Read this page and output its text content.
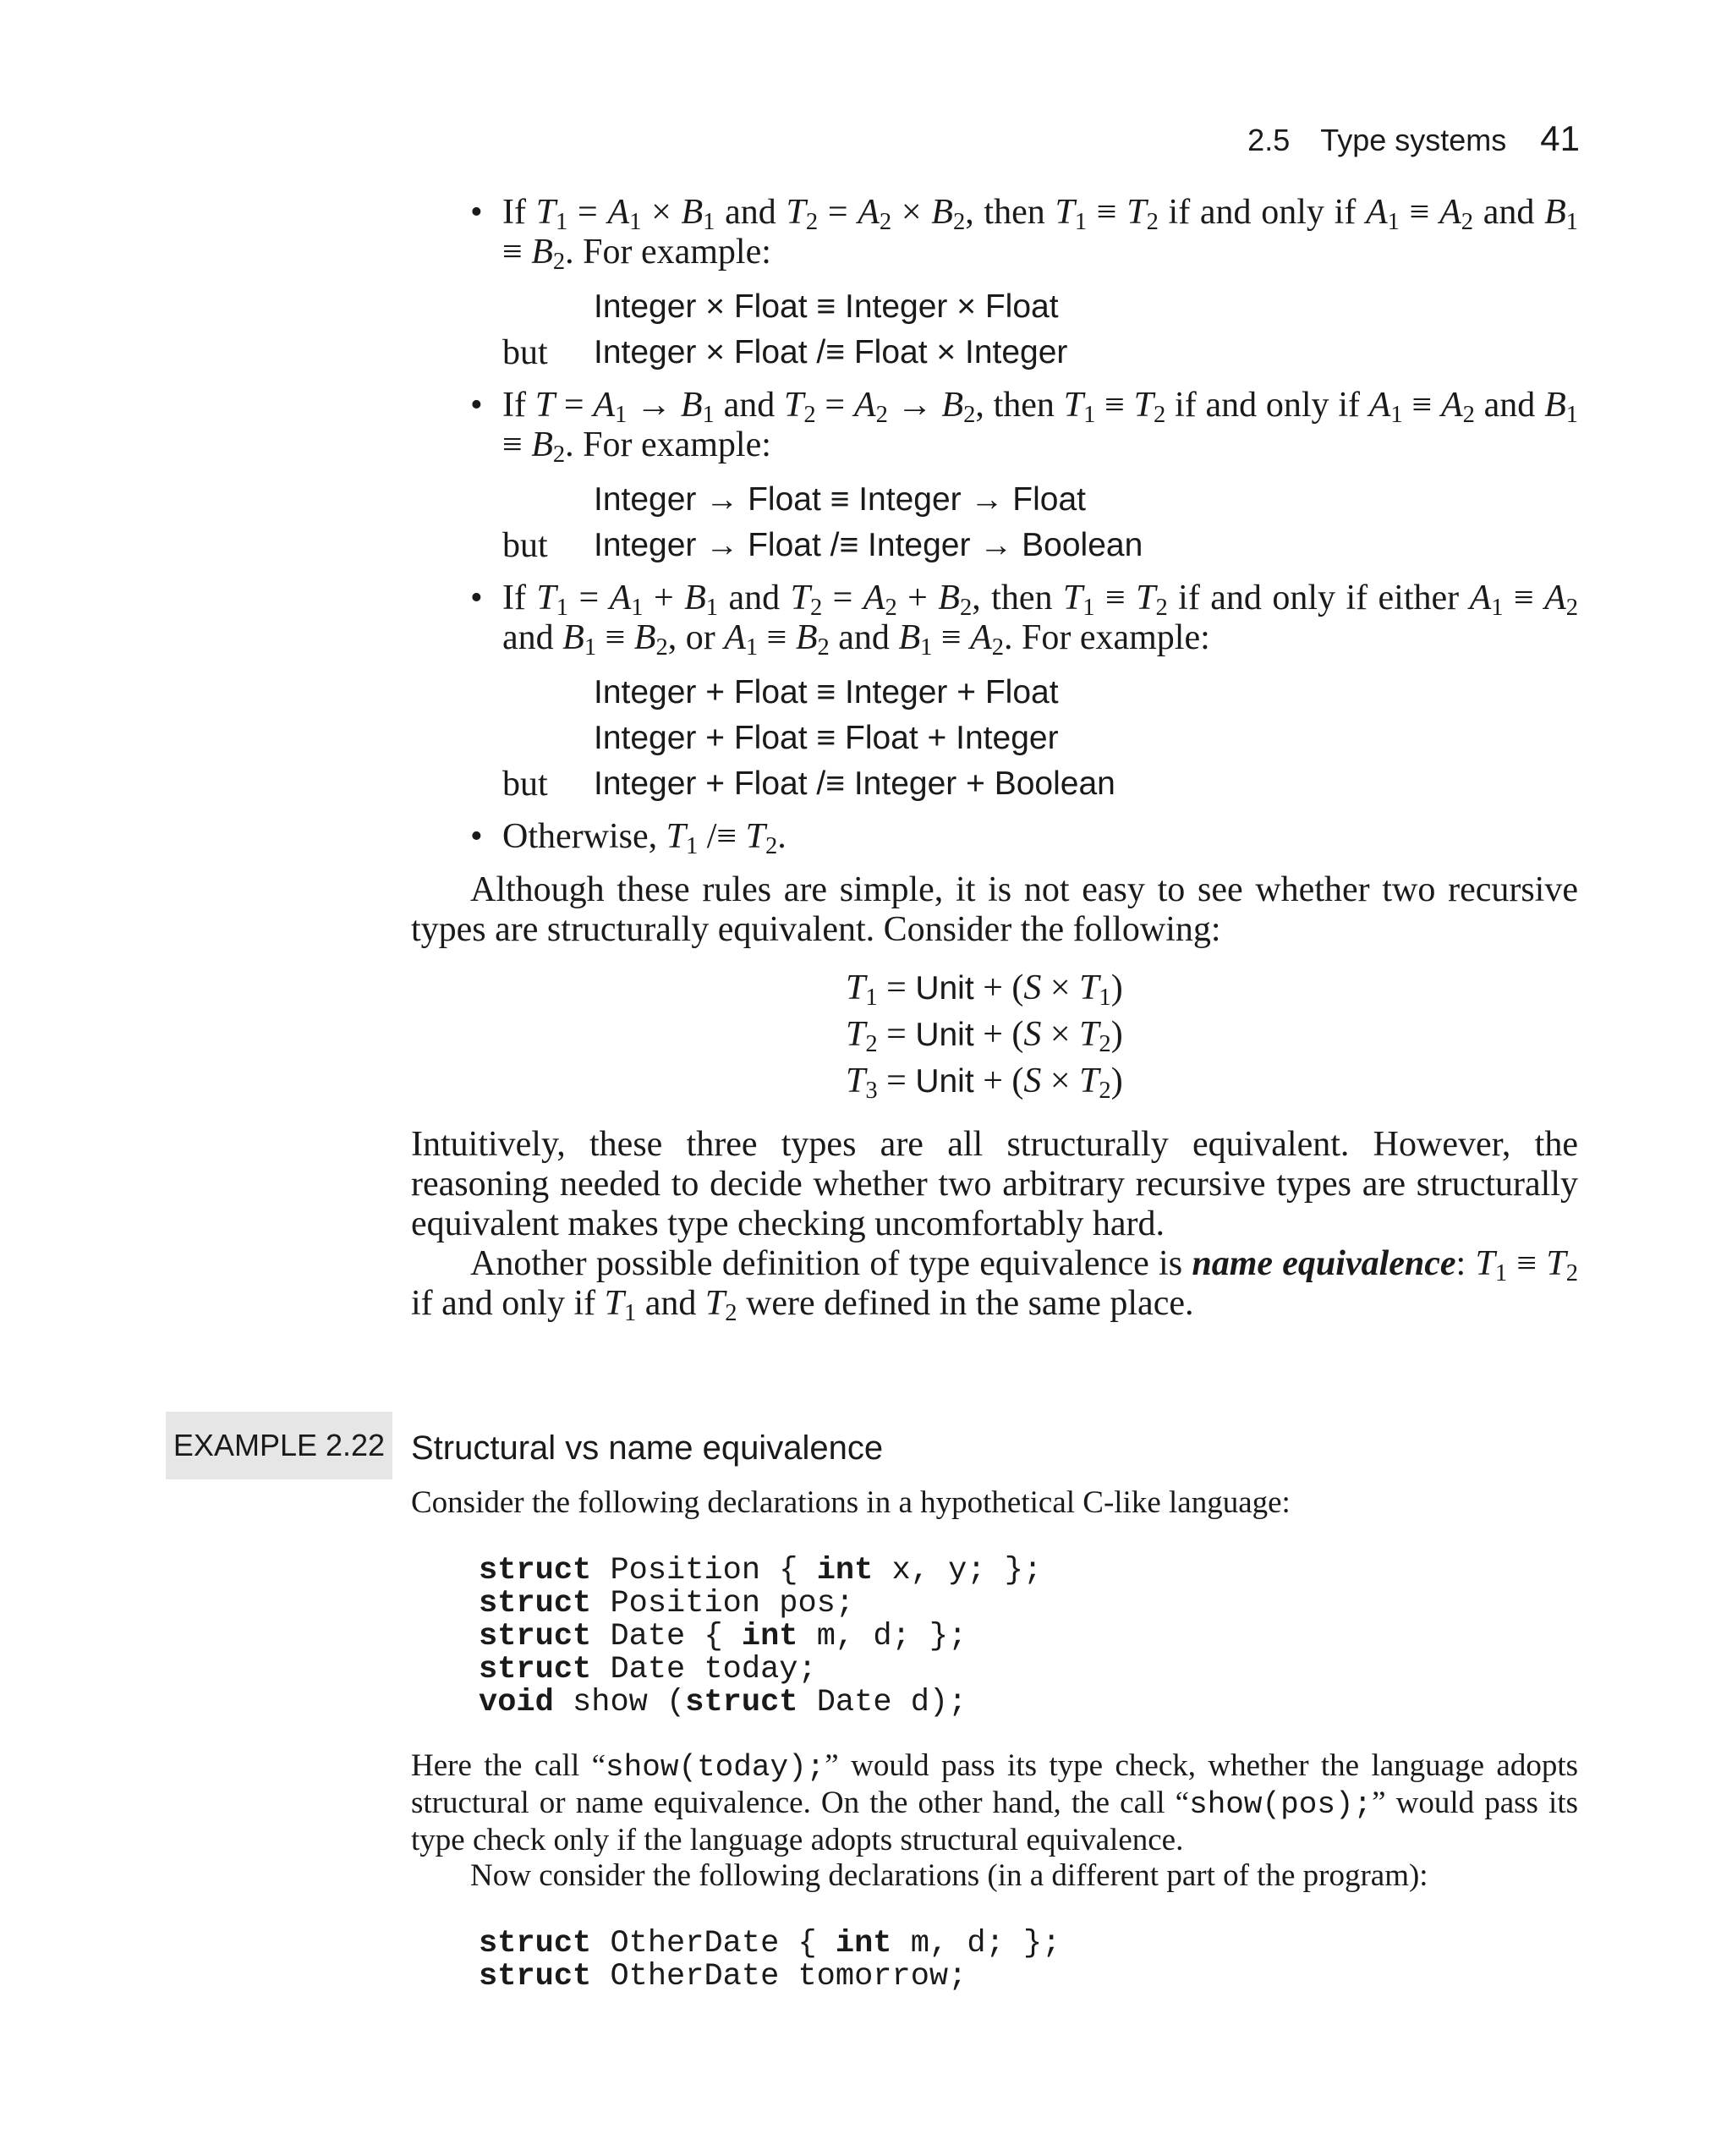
2.5 Type systems 41
• If $T_1 = A_1 \times B_1$ and $T_2 = A_2 \times B_2$, then $T_1 \equiv T_2$ if and only if $A_1 \equiv A_2$ and $B_1 \equiv B_2$. For example:
Integer × Float ≡ Integer × Float
but	Integer × Float /≡ Float × Integer
• If $T = A_1 \to B_1$ and $T_2 = A_2 \to B_2$, then $T_1 \equiv T_2$ if and only if $A_1 \equiv A_2$ and $B_1 \equiv B_2$. For example:
Integer → Float ≡ Integer → Float
but	Integer → Float /≡ Integer → Boolean
• If $T_1 = A_1 + B_1$ and $T_2 = A_2 + B_2$, then $T_1 \equiv T_2$ if and only if either $A_1 \equiv A_2$ and $B_1 \equiv B_2$, or $A_1 \equiv B_2$ and $B_1 \equiv A_2$. For example:
Integer + Float ≡ Integer + Float
Integer + Float ≡ Float + Integer
but	Integer + Float /≡ Integer + Boolean
• Otherwise, $T_1 /\equiv T_2$.

Although these rules are simple, it is not easy to see whether two recursive types are structurally equivalent. Consider the following:

$T_1$ = Unit + $(S \times T_1)$
$T_2$ = Unit + $(S \times T_2)$
$T_3$ = Unit + $(S \times T_2)$

Intuitively, these three types are all structurally equivalent. However, the reasoning needed to decide whether two arbitrary recursive types are structurally equivalent makes type checking uncomfortably hard.

Another possible definition of type equivalence is name equivalence: $T_1 \equiv T_2$ if and only if $T_1$ and $T_2$ were defined in the same place.

EXAMPLE 2.22 Structural vs name equivalence

Consider the following declarations in a hypothetical C-like language:

struct Position { int x, y; };
struct Position pos;
struct Date { int m, d; };
struct Date today;
void show (struct Date d);

Here the call “show(today);” would pass its type check, whether the language adopts structural or name equivalence. On the other hand, the call “show(pos);” would pass its type check only if the language adopts structural equivalence.

Now consider the following declarations (in a different part of the program):

struct OtherDate { int m, d; };
struct OtherDate tomorrow;
